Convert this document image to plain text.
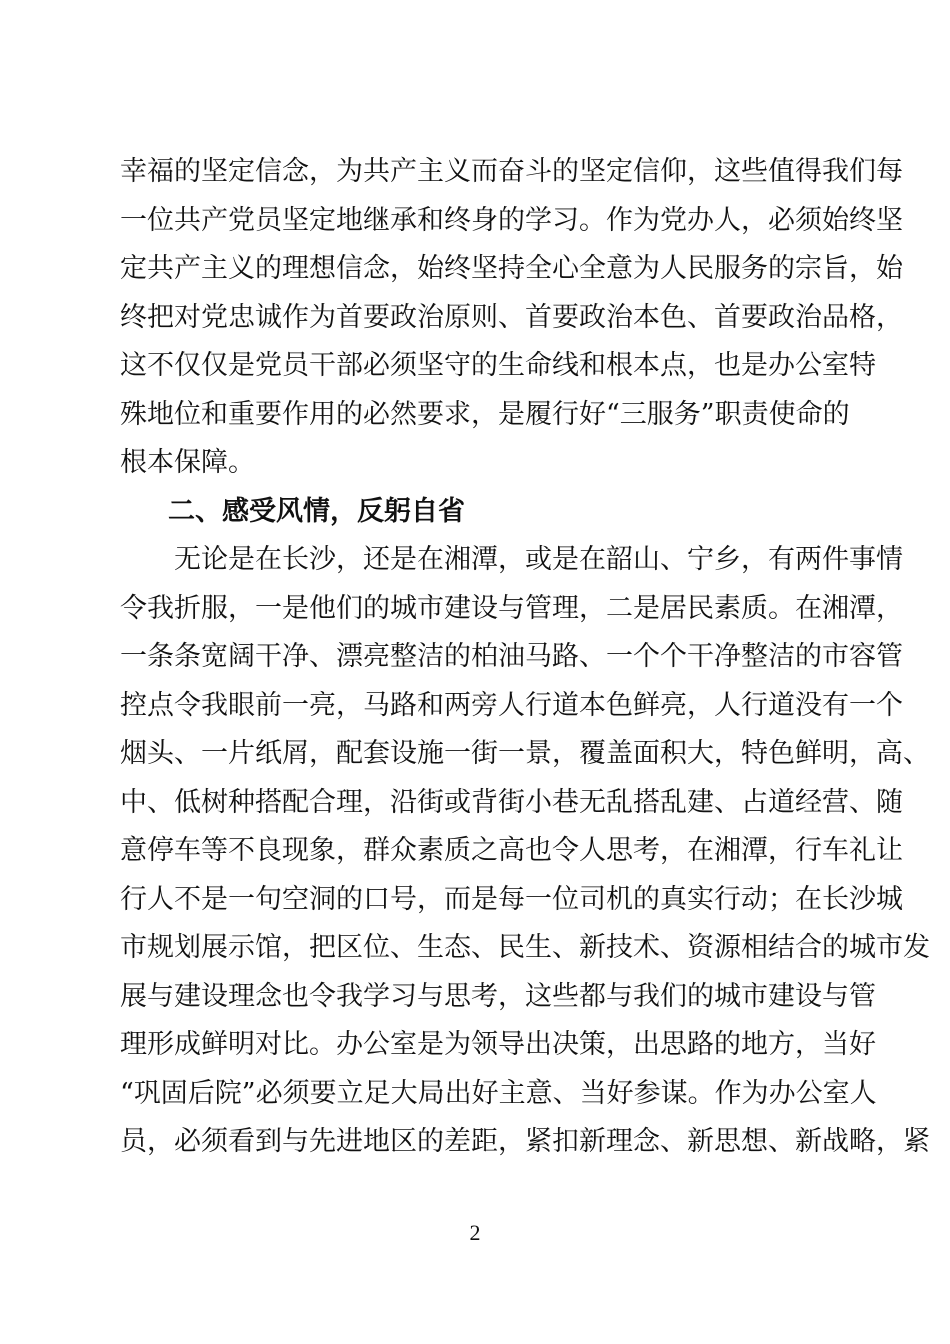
幸福的坚定信念，为共产主义而奋斗的坚定信仰，这些值得我们每
一位共产党员坚定地继承和终身的学习。作为党办人，必须始终坚
定共产主义的理想信念，始终坚持全心全意为人民服务的宗旨，始
终把对党忠诚作为首要政治原则、首要政治本色、首要政治品格，
这不仅仅是党员干部必须坚守的生命线和根本点，也是办公室特
殊地位和重要作用的必然要求，是履行好“三服务”职责使命的
根本保障。
二、感受风情，反躬自省
无论是在长沙，还是在湘潭，或是在韶山、宁乡，有两件事情
令我折服，一是他们的城市建设与管理，二是居民素质。在湘潭，
一条条宽阔干净、漂亮整洁的柏油马路、一个个干净整洁的市容管
控点令我眼前一亮，马路和两旁人行道本色鲜亮，人行道没有一个
烟头、一片纸屑，配套设施一街一景，覆盖面积大，特色鲜明，高、
中、低树种搭配合理，沿街或背街小巷无乱搭乱建、占道经营、随
意停车等不良现象，群众素质之高也令人思考，在湘潭，行车礼让
行人不是一句空洞的口号，而是每一位司机的真实行动；在长沙城
市规划展示馆，把区位、生态、民生、新技术、资源相结合的城市发
展与建设理念也令我学习与思考，这些都与我们的城市建设与管
理形成鲜明对比。办公室是为领导出决策，出思路的地方，当好
“巩固后院”必须要立足大局出好主意、当好参谋。作为办公室人
员，必须看到与先进地区的差距，紧扣新理念、新思想、新战略，紧
2
